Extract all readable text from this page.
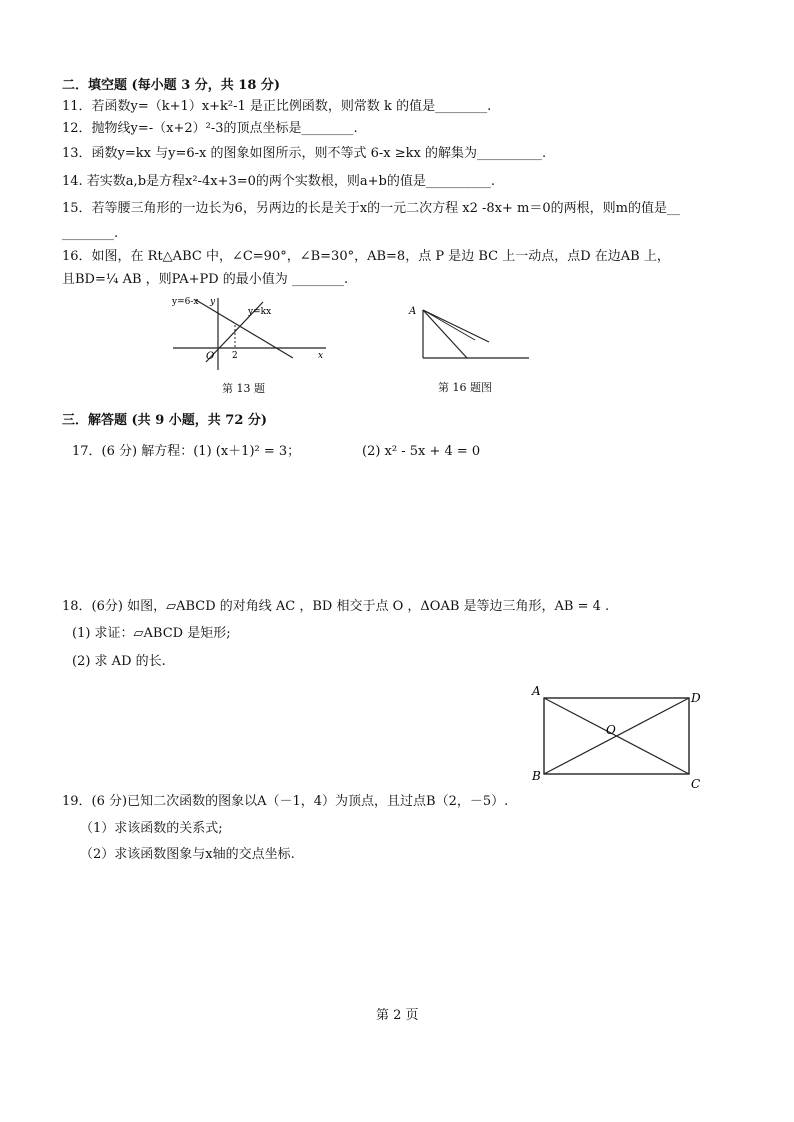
二．填空题 (每小题 3 分，共 18 分)
11．若函数y=（k+1）x+k²-1 是正比例函数，则常数 k 的值是________.
12．抛物线y=-（x+2）²-3的顶点坐标是________.
13．函数y=kx 与y=6-x 的图象如图所示，则不等式 6-x ≥kx 的解集为__________.
14. 若实数a,b是方程x²-4x+3=0的两个实数根，则a+b的值是__________.
15．若等腰三角形的一边长为6，另两边的长是关于x的一元二次方程 x2 -8x+ m＝0的两根，则m的值是__
________.
16．如图，在 Rt△ABC 中，∠C=90°，∠B=30°，AB=8，点 P 是边 BC 上一动点，点D 在边AB 上，
且BD=¼ AB ，则PA+PD 的最小值为 ________.
y=6-x y
y=kx
O 2	x
第 13 题
A
第 16 题图
三．解答题 (共 9 小题，共 72 分)
17．(6 分) 解方程：(1) (x＋1)² = 3；	(2) x² - 5x + 4 = 0
18．(6分) 如图，▱ABCD 的对角线 AC ，BD 相交于点 O ，ΔOAB 是等边三角形，AB = 4 .
(1) 求证：▱ABCD 是矩形;
(2) 求 AD 的长.
A
B
C
D
O
19．(6 分)已知二次函数的图象以A（－1，4）为顶点，且过点B（2，－5）.
（1）求该函数的关系式;
（2）求该函数图象与x轴的交点坐标.
第 2 页
